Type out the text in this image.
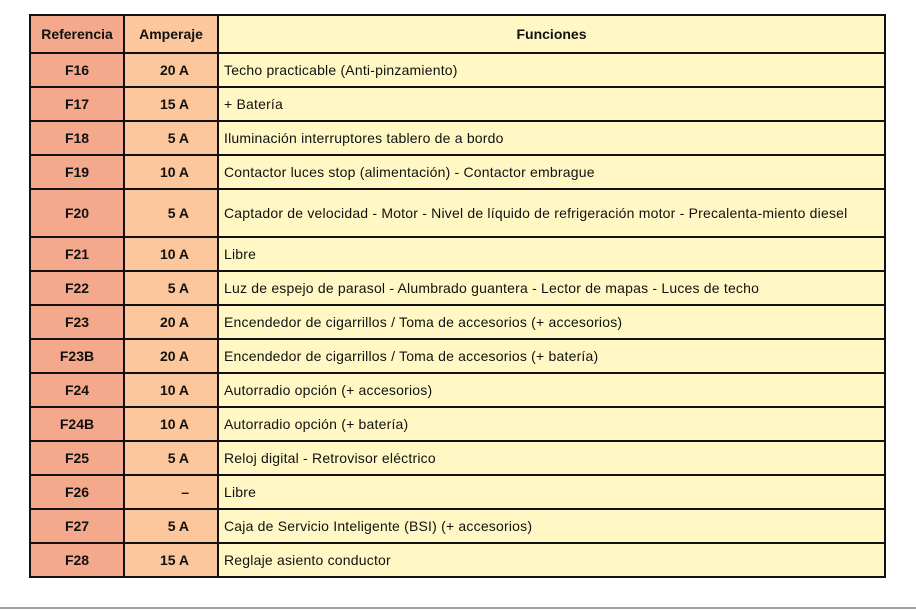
Referencia	Amperaje	Funciones
F16	20 A	Techo practicable (Anti-pinzamiento)
F17	15 A	+ Batería
F18	5 A	Iluminación interruptores tablero de a bordo
F19	10 A	Contactor luces stop (alimentación) - Contactor embrague
F20	5 A	Captador de velocidad - Motor - Nivel de líquido de refrigeración motor - Precalenta-miento diesel
F21	10 A	Libre
F22	5 A	Luz de espejo de parasol - Alumbrado guantera - Lector de mapas - Luces de techo
F23	20 A	Encendedor de cigarrillos / Toma de accesorios (+ accesorios)
F23B	20 A	Encendedor de cigarrillos / Toma de accesorios (+ batería)
F24	10 A	Autorradio opción (+ accesorios)
F24B	10 A	Autorradio opción (+ batería)
F25	5 A	Reloj digital - Retrovisor eléctrico
F26	–	Libre
F27	5 A	Caja de Servicio Inteligente (BSI) (+ accesorios)
F28	15 A	Reglaje asiento conductor
